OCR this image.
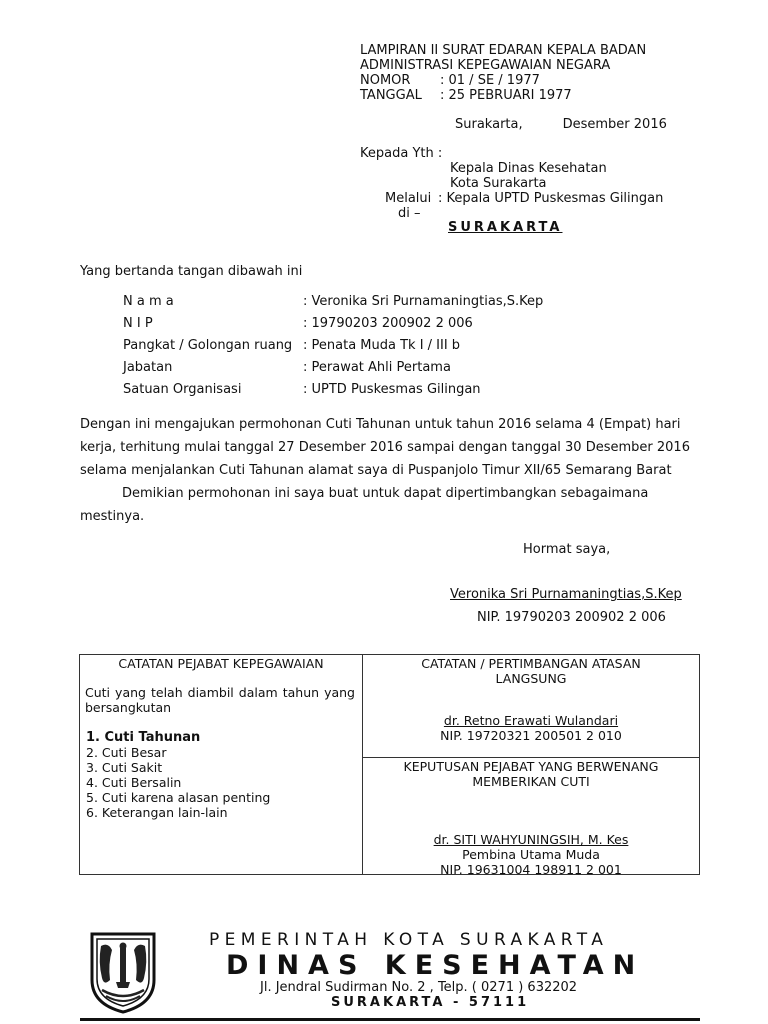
LAMPIRAN II SURAT EDARAN KEPALA BADAN
ADMINISTRASI KEPEGAWAIAN NEGARA
NOMOR : 01 / SE / 1977
TANGGAL : 25 PEBRUARI 1977
Surakarta,	Desember 2016
Kepada Yth :
Kepala Dinas Kesehatan
Kota Surakarta
Melalui : Kepala UPTD Puskesmas Gilingan
di –
SURAKARTA
Yang bertanda tangan dibawah ini
N a m a	: Veronika Sri Purnamaningtias,S.Kep
N I P	: 19790203 200902 2 006
Pangkat / Golongan ruang : Penata Muda Tk I / III b
Jabatan	: Perawat Ahli Pertama
Satuan Organisasi	: UPTD Puskesmas Gilingan

Dengan ini mengajukan permohonan Cuti Tahunan untuk tahun 2016 selama 4 (Empat) hari kerja, terhitung mulai tanggal 27 Desember 2016 sampai dengan tanggal 30 Desember 2016 selama menjalankan Cuti Tahunan alamat saya di Puspanjolo Timur XII/65 Semarang Barat

Demikian permohonan ini saya buat untuk dapat dipertimbangkan sebagaimana mestinya.

Hormat saya,
Veronika Sri Purnamaningtias,S.Kep
NIP. 19790203 200902 2 006
CATATAN PEJABAT KEPEGAWAIAN
Cuti yang telah diambil dalam tahun yang bersangkutan
1. Cuti Tahunan
2. Cuti Besar
3. Cuti Sakit
4. Cuti Bersalin
5. Cuti karena alasan penting
6. Keterangan lain-lain
CATATAN / PERTIMBANGAN ATASAN
LANGSUNG
dr. Retno Erawati Wulandari
NIP. 19720321 200501 2 010
KEPUTUSAN PEJABAT YANG BERWENANG
MEMBERIKAN CUTI
dr. SITI WAHYUNINGSIH, M. Kes
Pembina Utama Muda
NIP. 19631004 198911 2 001
PEMERINTAH KOTA SURAKARTA
DINAS KESEHATAN
Jl. Jendral Sudirman No. 2 , Telp. ( 0271 ) 632202
SURAKARTA - 57111
